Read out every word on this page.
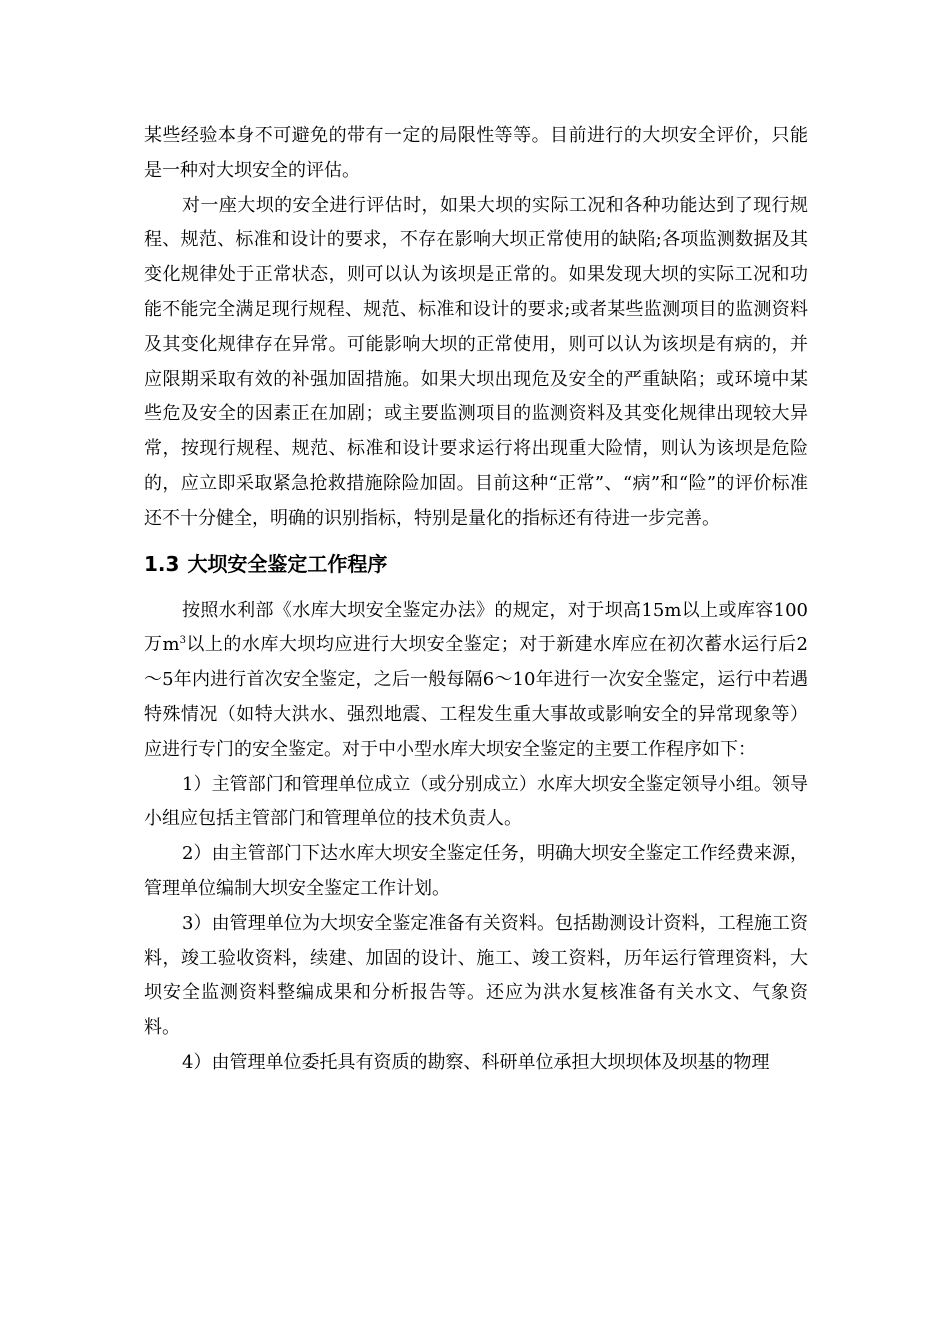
某些经验本身不可避免的带有一定的局限性等等。目前进行的大坝安全评价，只能是一种对大坝安全的评估。

对一座大坝的安全进行评估时，如果大坝的实际工况和各种功能达到了现行规程、规范、标准和设计的要求，不存在影响大坝正常使用的缺陷;各项监测数据及其变化规律处于正常状态，则可以认为该坝是正常的。如果发现大坝的实际工况和功能不能完全满足现行规程、规范、标准和设计的要求;或者某些监测项目的监测资料及其变化规律存在异常。可能影响大坝的正常使用，则可以认为该坝是有病的，并应限期采取有效的补强加固措施。如果大坝出现危及安全的严重缺陷；或环境中某些危及安全的因素正在加剧；或主要监测项目的监测资料及其变化规律出现较大异常，按现行规程、规范、标准和设计要求运行将出现重大险情，则认为该坝是危险的，应立即采取紧急抢救措施除险加固。目前这种“正常”、“病”和“险”的评价标准还不十分健全，明确的识别指标，特别是量化的指标还有待进一步完善。

1.3 大坝安全鉴定工作程序

按照水利部《水库大坝安全鉴定办法》的规定，对于坝高15m以上或库容100万$m^3$以上的水库大坝均应进行大坝安全鉴定；对于新建水库应在初次蓄水运行后2～5年内进行首次安全鉴定，之后一般每隔6～10年进行一次安全鉴定，运行中若遇特殊情况（如特大洪水、强烈地震、工程发生重大事故或影响安全的异常现象等）应进行专门的安全鉴定。对于中小型水库大坝安全鉴定的主要工作程序如下：

1）主管部门和管理单位成立（或分别成立）水库大坝安全鉴定领导小组。领导小组应包括主管部门和管理单位的技术负责人。

2）由主管部门下达水库大坝安全鉴定任务，明确大坝安全鉴定工作经费来源，管理单位编制大坝安全鉴定工作计划。

3）由管理单位为大坝安全鉴定准备有关资料。包括勘测设计资料，工程施工资料，竣工验收资料，续建、加固的设计、施工、竣工资料，历年运行管理资料，大坝安全监测资料整编成果和分析报告等。还应为洪水复核准备有关水文、气象资料。

4）由管理单位委托具有资质的勘察、科研单位承担大坝坝体及坝基的物理
